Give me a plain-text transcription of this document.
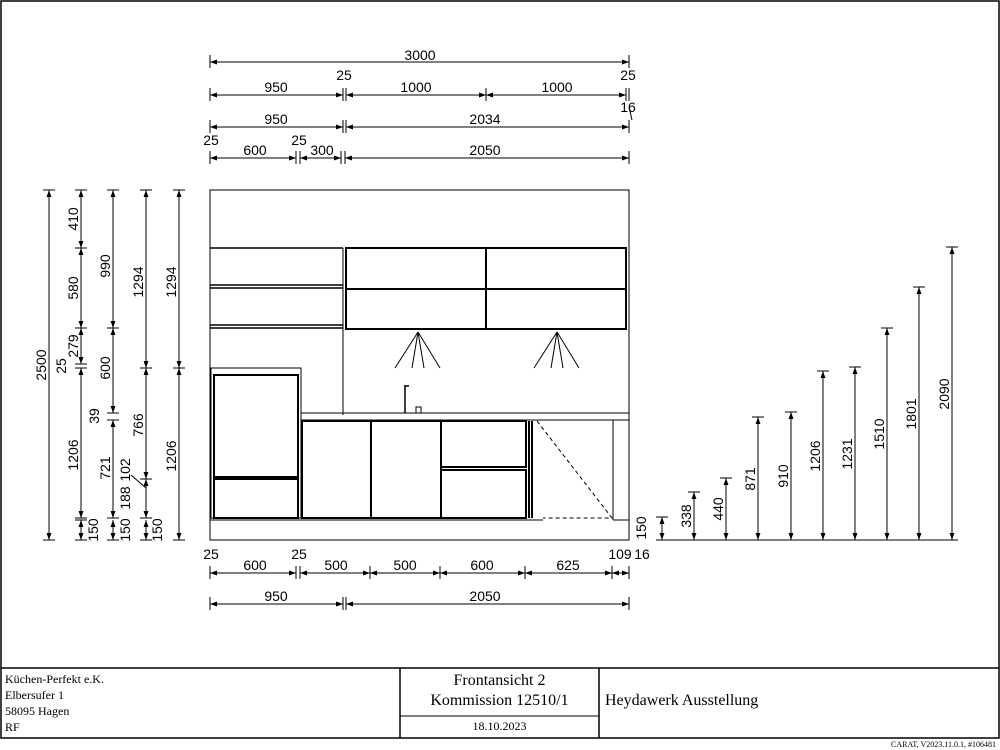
3000
950
25
1000	1000
25
16
950	2034
25
600
25
300	2050
25
600
25
500	500	600	625
109 16
950	2050
2500
410
580
279
25
1206
150
990
600
39
721
150
1294
766
102
188
150
1294
1206
150
338 440
871 910
1206 1231
1510
1801
2090
Küchen-Perfekt e.K.
Elbersufer 1
58095 Hagen
RF
Frontansicht 2
Kommission 12510/1
18.10.2023
Heydawerk Ausstellung
CARAT, V2023.11.0.1, #106481
